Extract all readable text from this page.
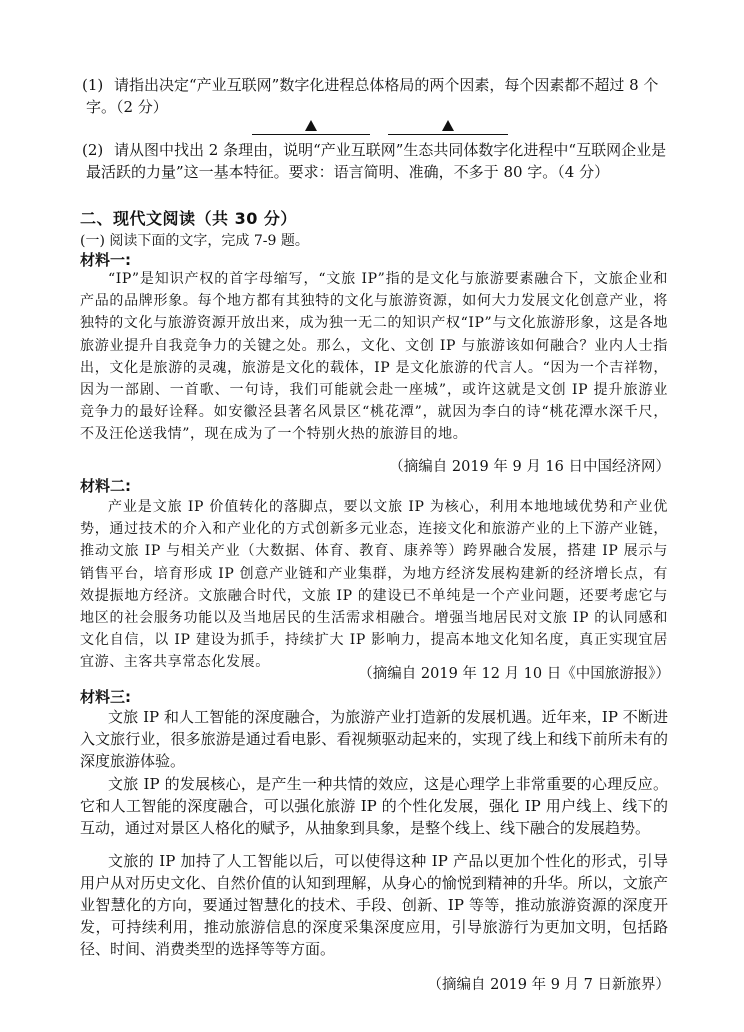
(1) 请指出决定“产业互联网”数字化进程总体格局的两个因素，每个因素都不超过 8 个字。（2 分）
(2) 请从图中找出 2 条理由，说明“产业互联网”生态共同体数字化进程中“互联网企业是最活跃的力量”这一基本特征。要求：语言简明、准确，不多于 80 字。（4 分）
二、现代文阅读（共 30 分）
(一) 阅读下面的文字，完成 7-9 题。
材料一:
“IP”是知识产权的首字母缩写，“文旅 IP”指的是文化与旅游要素融合下，文旅企业和产品的品牌形象。每个地方都有其独特的文化与旅游资源，如何大力发展文化创意产业，将独特的文化与旅游资源开放出来，成为独一无二的知识产权“IP”与文化旅游形象，这是各地旅游业提升自我竞争力的关键之处。那么，文化、文创 IP 与旅游该如何融合？业内人士指出，文化是旅游的灵魂，旅游是文化的载体，IP 是文化旅游的代言人。“因为一个吉祥物，因为一部剧、一首歌、一句诗，我们可能就会赴一座城”，或许这就是文创 IP 提升旅游业竞争力的最好诠释。如安徽泾县著名风景区“桃花潭”，就因为李白的诗“桃花潭水深千尺，不及汪伦送我情”，现在成为了一个特别火热的旅游目的地。
（摘编自 2019 年 9 月 16 日中国经济网）
材料二:
产业是文旅 IP 价值转化的落脚点，要以文旅 IP 为核心，利用本地地域优势和产业优势，通过技术的介入和产业化的方式创新多元业态，连接文化和旅游产业的上下游产业链，推动文旅 IP 与相关产业（大数据、体育、教育、康养等）跨界融合发展，搭建 IP 展示与销售平台，培育形成 IP 创意产业链和产业集群，为地方经济发展构建新的经济增长点，有效提振地方经济。文旅融合时代，文旅 IP 的建设已不单纯是一个产业问题，还要考虑它与地区的社会服务功能以及当地居民的生活需求相融合。增强当地居民对文旅 IP 的认同感和文化自信，以 IP 建设为抓手，持续扩大 IP 影响力，提高本地文化知名度，真正实现宜居宜游、主客共享常态化发展。
（摘编自 2019 年 12 月 10 日《中国旅游报》）
材料三:
文旅 IP 和人工智能的深度融合，为旅游产业打造新的发展机遇。近年来，IP 不断进入文旅行业，很多旅游是通过看电影、看视频驱动起来的，实现了线上和线下前所未有的深度旅游体验。
文旅 IP 的发展核心，是产生一种共情的效应，这是心理学上非常重要的心理反应。它和人工智能的深度融合，可以强化旅游 IP 的个性化发展，强化 IP 用户线上、线下的互动，通过对景区人格化的赋予，从抽象到具象，是整个线上、线下融合的发展趋势。
文旅的 IP 加持了人工智能以后，可以使得这种 IP 产品以更加个性化的形式，引导用户从对历史文化、自然价值的认知到理解，从身心的愉悦到精神的升华。所以，文旅产业智慧化的方向，要通过智慧化的技术、手段、创新、IP 等等，推动旅游资源的深度开发，可持续利用，推动旅游信息的深度采集深度应用，引导旅游行为更加文明，包括路径、时间、消费类型的选择等等方面。
（摘编自 2019 年 9 月 7 日新旅界）
